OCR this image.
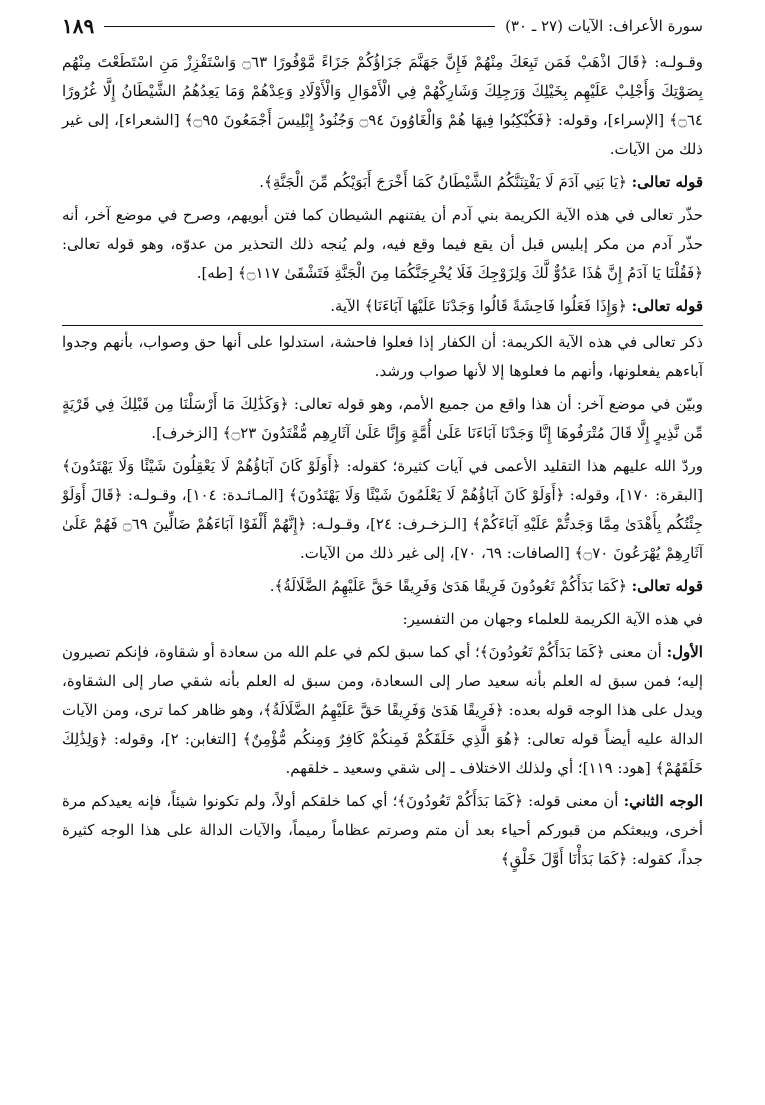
سورة الأعراف: الآيات (٢٧ ـ ٣٠)
١٨٩

وقـولـه: ﴿قَالَ اذْهَبْ فَمَن تَبِعَكَ مِنْهُمْ فَإِنَّ جَهَنَّمَ جَزَاؤُكُمْ جَزَاءً مَّوْفُورًا ۝٦٣ وَاسْتَفْزِزْ مَنِ اسْتَطَعْتَ مِنْهُم بِصَوْتِكَ وَأَجْلِبْ عَلَيْهِم بِخَيْلِكَ وَرَجِلِكَ وَشَارِكْهُمْ فِي الْأَمْوَالِ وَالْأَوْلَادِ وَعِدْهُمْ وَمَا يَعِدُهُمُ الشَّيْطَانُ إِلَّا غُرُورًا ۝٦٤﴾ [الإسراء]، وقوله: ﴿فَكُبْكِبُوا فِيهَا هُمْ وَالْغَاوُونَ ۝٩٤ وَجُنُودُ إِبْلِيسَ أَجْمَعُونَ ۝٩٥﴾ [الشعراء]، إلى غير ذلك من الآيات.

قوله تعالى: ﴿يَا بَنِي آدَمَ لَا يَفْتِنَنَّكُمُ الشَّيْطَانُ كَمَا أَخْرَجَ أَبَوَيْكُم مِّنَ الْجَنَّةِ﴾.

حذّر تعالى في هذه الآية الكريمة بني آدم أن يفتنهم الشيطان كما فتن أبويهم، وصرح في موضع آخر، أنه حذّر آدم من مكر إبليس قبل أن يقع فيما وقع فيه، ولم يُنجه ذلك التحذير من عدوّه، وهو قوله تعالى: ﴿فَقُلْنَا يَا آدَمُ إِنَّ هَٰذَا عَدُوٌّ لَّكَ وَلِزَوْجِكَ فَلَا يُخْرِجَنَّكُمَا مِنَ الْجَنَّةِ فَتَشْقَىٰ ۝١١٧﴾ [طه].

قوله تعالى: ﴿وَإِذَا فَعَلُوا فَاحِشَةً قَالُوا وَجَدْنَا عَلَيْهَا آبَاءَنَا﴾ الآية.

ذكر تعالى في هذه الآية الكريمة: أن الكفار إذا فعلوا فاحشة، استدلوا على أنها حق وصواب، بأنهم وجدوا آباءهم يفعلونها، وأنهم ما فعلوها إلا لأنها صواب ورشد.

وبيّن في موضع آخر: أن هذا واقع من جميع الأمم، وهو قوله تعالى: ﴿وَكَذَٰلِكَ مَا أَرْسَلْنَا مِن قَبْلِكَ فِي قَرْيَةٍ مِّن نَّذِيرٍ إِلَّا قَالَ مُتْرَفُوهَا إِنَّا وَجَدْنَا آبَاءَنَا عَلَىٰ أُمَّةٍ وَإِنَّا عَلَىٰ آثَارِهِم مُّقْتَدُونَ ۝٢٣﴾ [الزخرف].

وردّ الله عليهم هذا التقليد الأعمى في آيات كثيرة؛ كقوله: ﴿أَوَلَوْ كَانَ آبَاؤُهُمْ لَا يَعْقِلُونَ شَيْئًا وَلَا يَهْتَدُونَ﴾ [البقرة: ١٧٠]، وقوله: ﴿أَوَلَوْ كَانَ آبَاؤُهُمْ لَا يَعْلَمُونَ شَيْئًا وَلَا يَهْتَدُونَ﴾ [المـائـدة: ١٠٤]، وقـولـه: ﴿قَالَ أَوَلَوْ جِئْتُكُم بِأَهْدَىٰ مِمَّا وَجَدتُّمْ عَلَيْهِ آبَاءَكُمْ﴾ [الـزخـرف: ٢٤]، وقـولـه: ﴿إِنَّهُمْ أَلْفَوْا آبَاءَهُمْ ضَالِّينَ ۝٦٩ فَهُمْ عَلَىٰ آثَارِهِمْ يُهْرَعُونَ ۝٧٠﴾ [الصافات: ٦٩، ٧٠]، إلى غير ذلك من الآيات.

قوله تعالى: ﴿كَمَا بَدَأَكُمْ تَعُودُونَ فَرِيقًا هَدَىٰ وَفَرِيقًا حَقَّ عَلَيْهِمُ الضَّلَالَةُ﴾.

في هذه الآية الكريمة للعلماء وجهان من التفسير:

الأول: أن معنى ﴿كَمَا بَدَأَكُمْ تَعُودُونَ﴾؛ أي كما سبق لكم في علم الله من سعادة أو شقاوة، فإنكم تصيرون إليه؛ فمن سبق له العلم بأنه سعيد صار إلى السعادة، ومن سبق له العلم بأنه شقي صار إلى الشقاوة، ويدل على هذا الوجه قوله بعده: ﴿فَرِيقًا هَدَىٰ وَفَرِيقًا حَقَّ عَلَيْهِمُ الضَّلَالَةُ﴾، وهو ظاهر كما ترى، ومن الآيات الدالة عليه أيضاً قوله تعالى: ﴿هُوَ الَّذِي خَلَقَكُمْ فَمِنكُمْ كَافِرٌ وَمِنكُم مُّؤْمِنٌ﴾ [التغابن: ٢]، وقوله: ﴿وَلِذَٰلِكَ خَلَقَهُمْ﴾ [هود: ١١٩]؛ أي ولذلك الاختلاف ـ إلى شقي وسعيد ـ خلقهم.

الوجه الثاني: أن معنى قوله: ﴿كَمَا بَدَأَكُمْ تَعُودُونَ﴾؛ أي كما خلقكم أولاً، ولم تكونوا شيئاً، فإنه يعيدكم مرة أخرى، ويبعثكم من قبوركم أحياء بعد أن متم وصرتم عظاماً رميماً، والآيات الدالة على هذا الوجه كثيرة جداً، كقوله: ﴿كَمَا بَدَأْنَا أَوَّلَ خَلْقٍ﴾
